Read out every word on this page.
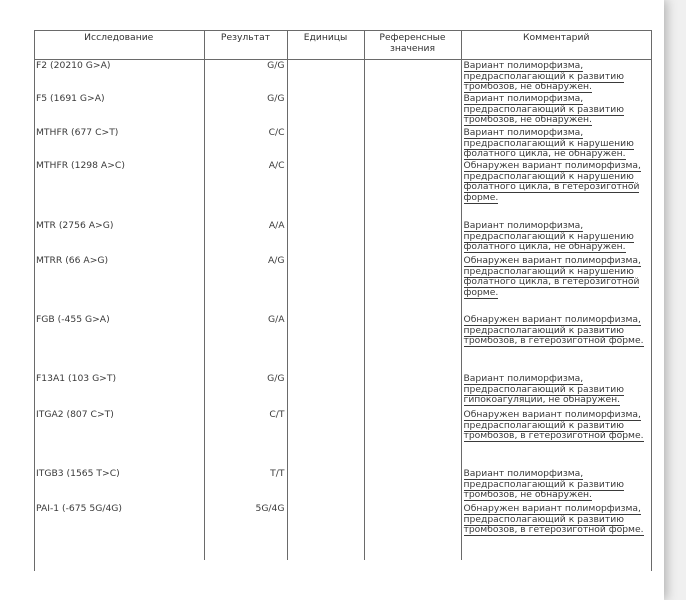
Исследование	Результат	Единицы	Референсные значения	Комментарий
F2 (20210 G>A)	G/G			Вариант полиморфизма, предрасполагающий к развитию тромбозов, не обнаружен.
F5 (1691 G>A)	G/G			Вариант полиморфизма, предрасполагающий к развитию тромбозов, не обнаружен.
MTHFR (677 C>T)	C/C			Вариант полиморфизма, предрасполагающий к нарушению фолатного цикла, не обнаружен.
MTHFR (1298 A>C)	A/C			Обнаружен вариант полиморфизма, предрасполагающий к нарушению фолатного цикла, в гетерозиготной форме.
MTR (2756 A>G)	A/A			Вариант полиморфизма, предрасполагающий к нарушению фолатного цикла, не обнаружен.
MTRR (66 A>G)	A/G			Обнаружен вариант полиморфизма, предрасполагающий к нарушению фолатного цикла, в гетерозиготной форме.
FGB (-455 G>A)	G/A			Обнаружен вариант полиморфизма, предрасполагающий к развитию тромбозов, в гетерозиготной форме.
F13A1 (103 G>T)	G/G			Вариант полиморфизма, предрасполагающий к развитию гипокоагуляции, не обнаружен.
ITGA2 (807 C>T)	C/T			Обнаружен вариант полиморфизма, предрасполагающий к развитию тромбозов, в гетерозиготной форме.
ITGB3 (1565 T>C)	T/T			Вариант полиморфизма, предрасполагающий к развитию тромбозов, не обнаружен.
PAI-1 (-675 5G/4G)	5G/4G			Обнаружен вариант полиморфизма, предрасполагающий к развитию тромбозов, в гетерозиготной форме.
